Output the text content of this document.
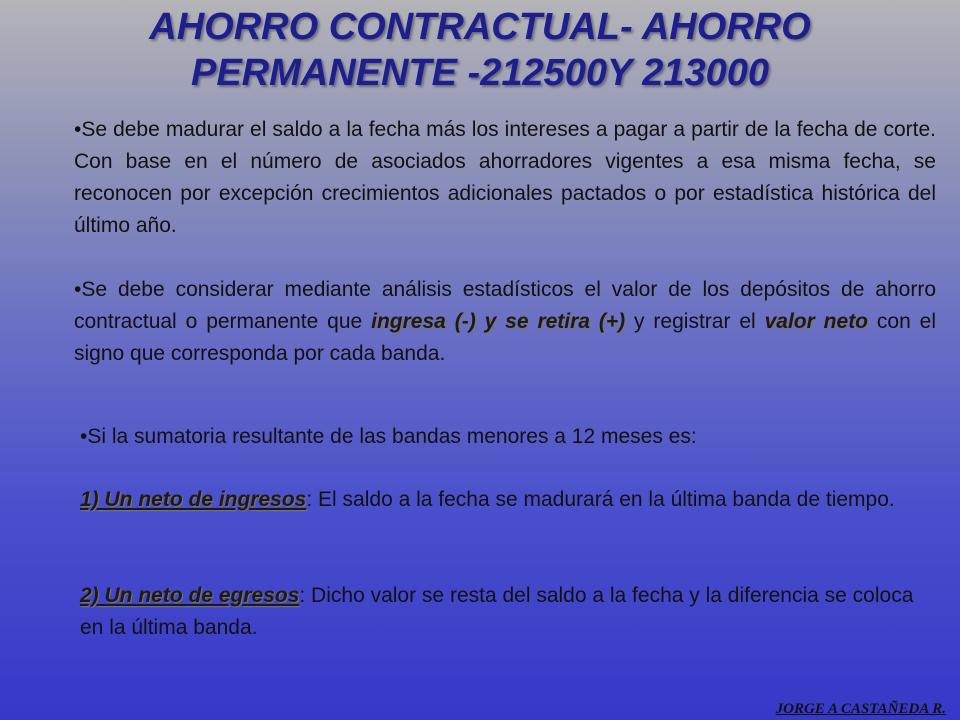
AHORRO CONTRACTUAL- AHORRO
PERMANENTE -212500Y 213000

•Se debe madurar el saldo a la fecha más los intereses a pagar a partir de la fecha de corte. Con base en el número de asociados ahorradores vigentes a esa misma fecha, se reconocen por excepción crecimientos adicionales pactados o por estadística histórica del último año.

•Se debe considerar mediante análisis estadísticos el valor de los depósitos de ahorro contractual o permanente que ingresa (-) y se retira (+) y registrar el valor neto con el signo que corresponda por cada banda.

•Si la sumatoria resultante de las bandas menores a 12 meses es:

1) Un neto de ingresos: El saldo a la fecha se madurará en la última banda de tiempo.

2) Un neto de egresos: Dicho valor se resta del saldo a la fecha y la diferencia se coloca en la última banda.

JORGE A CASTAÑEDA R.
